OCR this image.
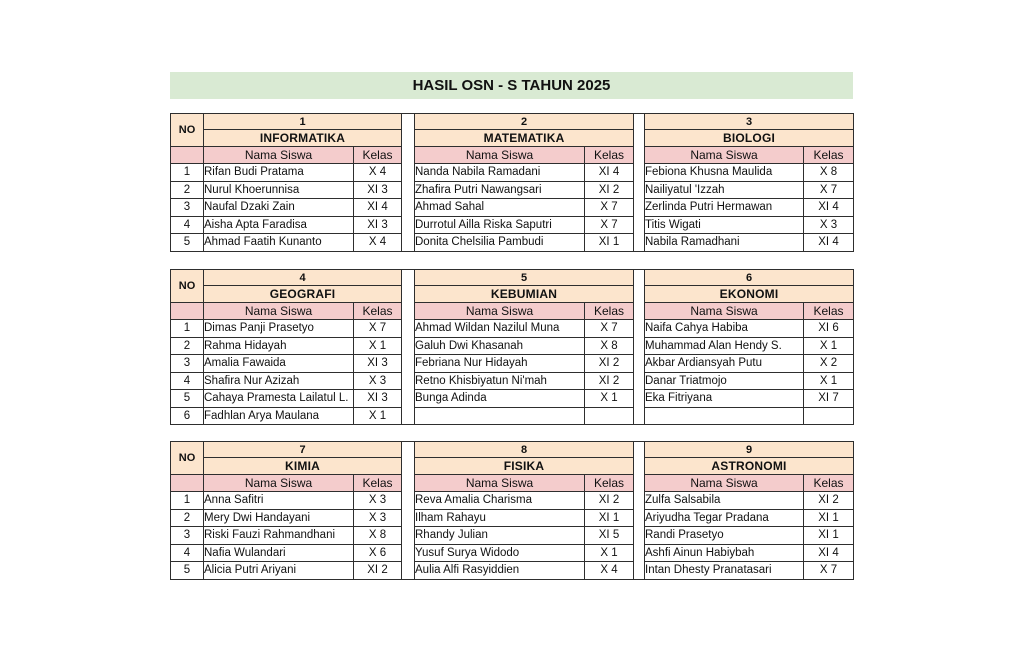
HASIL OSN - S TAHUN 2025
NO	1			2			3	
	INFORMATIKA			MATEMATIKA			BIOLOGI	
	Nama Siswa	Kelas		Nama Siswa	Kelas		Nama Siswa	Kelas
1	Rifan Budi Pratama	X 4		Nanda Nabila Ramadani	XI 4		Febiona Khusna Maulida	X 8
2	Nurul Khoerunnisa	XI 3		Zhafira Putri Nawangsari	XI 2		Nailiyatul 'Izzah	X 7
3	Naufal Dzaki Zain	XI 4		Ahmad Sahal	X 7		Zerlinda Putri Hermawan	XI 4
4	Aisha Apta Faradisa	XI 3		Durrotul Ailla Riska Saputri	X 7		Titis Wigati	X 3
5	Ahmad Faatih Kunanto	X 4		Donita Chelsilia Pambudi	XI 1		Nabila Ramadhani	XI 4
NO	4			5			6	
	GEOGRAFI			KEBUMIAN			EKONOMI	
	Nama Siswa	Kelas		Nama Siswa	Kelas		Nama Siswa	Kelas
1	Dimas Panji Prasetyo	X 7		Ahmad Wildan Nazilul Muna	X 7		Naifa Cahya Habiba	XI 6
2	Rahma Hidayah	X 1		Galuh Dwi Khasanah	X 8		Muhammad Alan Hendy S.	X 1
3	Amalia Fawaida	XI 3		Febriana Nur Hidayah	XI 2		Akbar Ardiansyah Putu	X 2
4	Shafira Nur Azizah	X 3		Retno Khisbiyatun Ni'mah	XI 2		Danar Triatmojo	X 1
5	Cahaya Pramesta Lailatul L.	XI 3		Bunga Adinda	X 1		Eka Fitriyana	XI 7
6	Fadhlan Arya Maulana	X 1						
NO	7			8			9	
	KIMIA			FISIKA			ASTRONOMI	
	Nama Siswa	Kelas		Nama Siswa	Kelas		Nama Siswa	Kelas
1	Anna Safitri	X 3		Reva Amalia Charisma	XI 2		Zulfa Salsabila	XI 2
2	Mery Dwi Handayani	X 3		Ilham Rahayu	XI 1		Ariyudha Tegar Pradana	XI 1
3	Riski Fauzi Rahmandhani	X 8		Rhandy Julian	XI 5		Randi Prasetyo	XI 1
4	Nafia Wulandari	X 6		Yusuf Surya Widodo	X 1		Ashfi Ainun Habiybah	XI 4
5	Alicia Putri Ariyani	XI 2		Aulia Alfi Rasyiddien	X 4		Intan Dhesty Pranatasari	X 7
